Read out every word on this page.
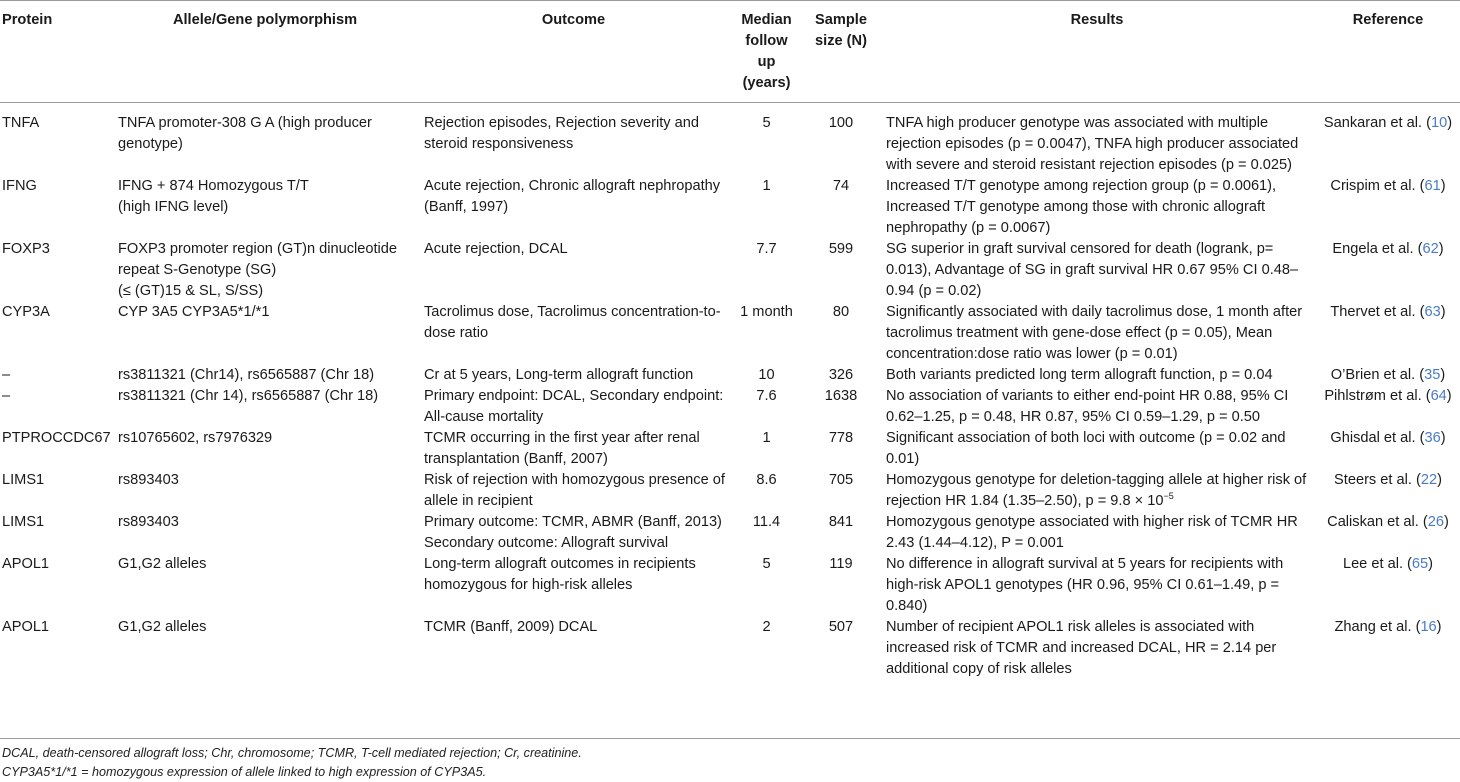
Protein	Allele/Gene polymorphism	Outcome	Median
follow
up
(years)	Sample
size (N)	Results	Reference
TNFA	TNFA promoter-308 G A (high producer genotype)	Rejection episodes, Rejection severity and steroid responsiveness	5	100	TNFA high producer genotype was associated with multiple rejection episodes (p = 0.0047), TNFA high producer associated with severe and steroid resistant rejection episodes (p = 0.025)	Sankaran et al. (10)
IFNG	IFNG + 874 Homozygous T/T
(high IFNG level)	Acute rejection, Chronic allograft nephropathy (Banff, 1997)	1	74	Increased T/T genotype among rejection group (p = 0.0061), Increased T/T genotype among those with chronic allograft nephropathy (p = 0.0067)	Crispim et al. (61)
FOXP3	FOXP3 promoter region (GT)n dinucleotide repeat S-Genotype (SG)
(≤ (GT)15 & SL, S/SS)	Acute rejection, DCAL	7.7	599	SG superior in graft survival censored for death (logrank, p= 0.013), Advantage of SG in graft survival HR 0.67 95% CI 0.48–0.94 (p = 0.02)	Engela et al. (62)
CYP3A	CYP 3A5 CYP3A5*1/*1	Tacrolimus dose, Tacrolimus concentration-to-dose ratio	1 month	80	Significantly associated with daily tacrolimus dose, 1 month after tacrolimus treatment with gene-dose effect (p = 0.05), Mean concentration:dose ratio was lower (p = 0.01)	Thervet et al. (63)
–	rs3811321 (Chr14), rs6565887 (Chr 18)	Cr at 5 years, Long-term allograft function	10	326	Both variants predicted long term allograft function, p = 0.04	O’Brien et al. (35)
–	rs3811321 (Chr 14), rs6565887 (Chr 18)	Primary endpoint: DCAL, Secondary endpoint: All-cause mortality	7.6	1638	No association of variants to either end-point HR 0.88, 95% CI 0.62–1.25, p = 0.48, HR 0.87, 95% CI 0.59–1.29, p = 0.50	Pihlstrøm et al. (64)
PTPROCCDC67	rs10765602, rs7976329	TCMR occurring in the first year after renal transplantation (Banff, 2007)	1	778	Significant association of both loci with outcome (p = 0.02 and 0.01)	Ghisdal et al. (36)
LIMS1	rs893403	Risk of rejection with homozygous presence of allele in recipient	8.6	705	Homozygous genotype for deletion-tagging allele at higher risk of rejection HR 1.84 (1.35–2.50), $p = 9.8 \times 10^{-5}$	Steers et al. (22)
LIMS1	rs893403	Primary outcome: TCMR, ABMR (Banff, 2013) Secondary outcome: Allograft survival	11.4	841	Homozygous genotype associated with higher risk of TCMR HR 2.43 (1.44–4.12), P = 0.001	Caliskan et al. (26)
APOL1	G1,G2 alleles	Long-term allograft outcomes in recipients homozygous for high-risk alleles	5	119	No difference in allograft survival at 5 years for recipients with high-risk APOL1 genotypes (HR 0.96, 95% CI 0.61–1.49, p = 0.840)	Lee et al. (65)
APOL1	G1,G2 alleles	TCMR (Banff, 2009) DCAL	2	507	Number of recipient APOL1 risk alleles is associated with increased risk of TCMR and increased DCAL, HR = 2.14 per additional copy of risk alleles	Zhang et al. (16)
DCAL, death-censored allograft loss; Chr, chromosome; TCMR, T-cell mediated rejection; Cr, creatinine.
CYP3A5*1/*1 = homozygous expression of allele linked to high expression of CYP3A5.
